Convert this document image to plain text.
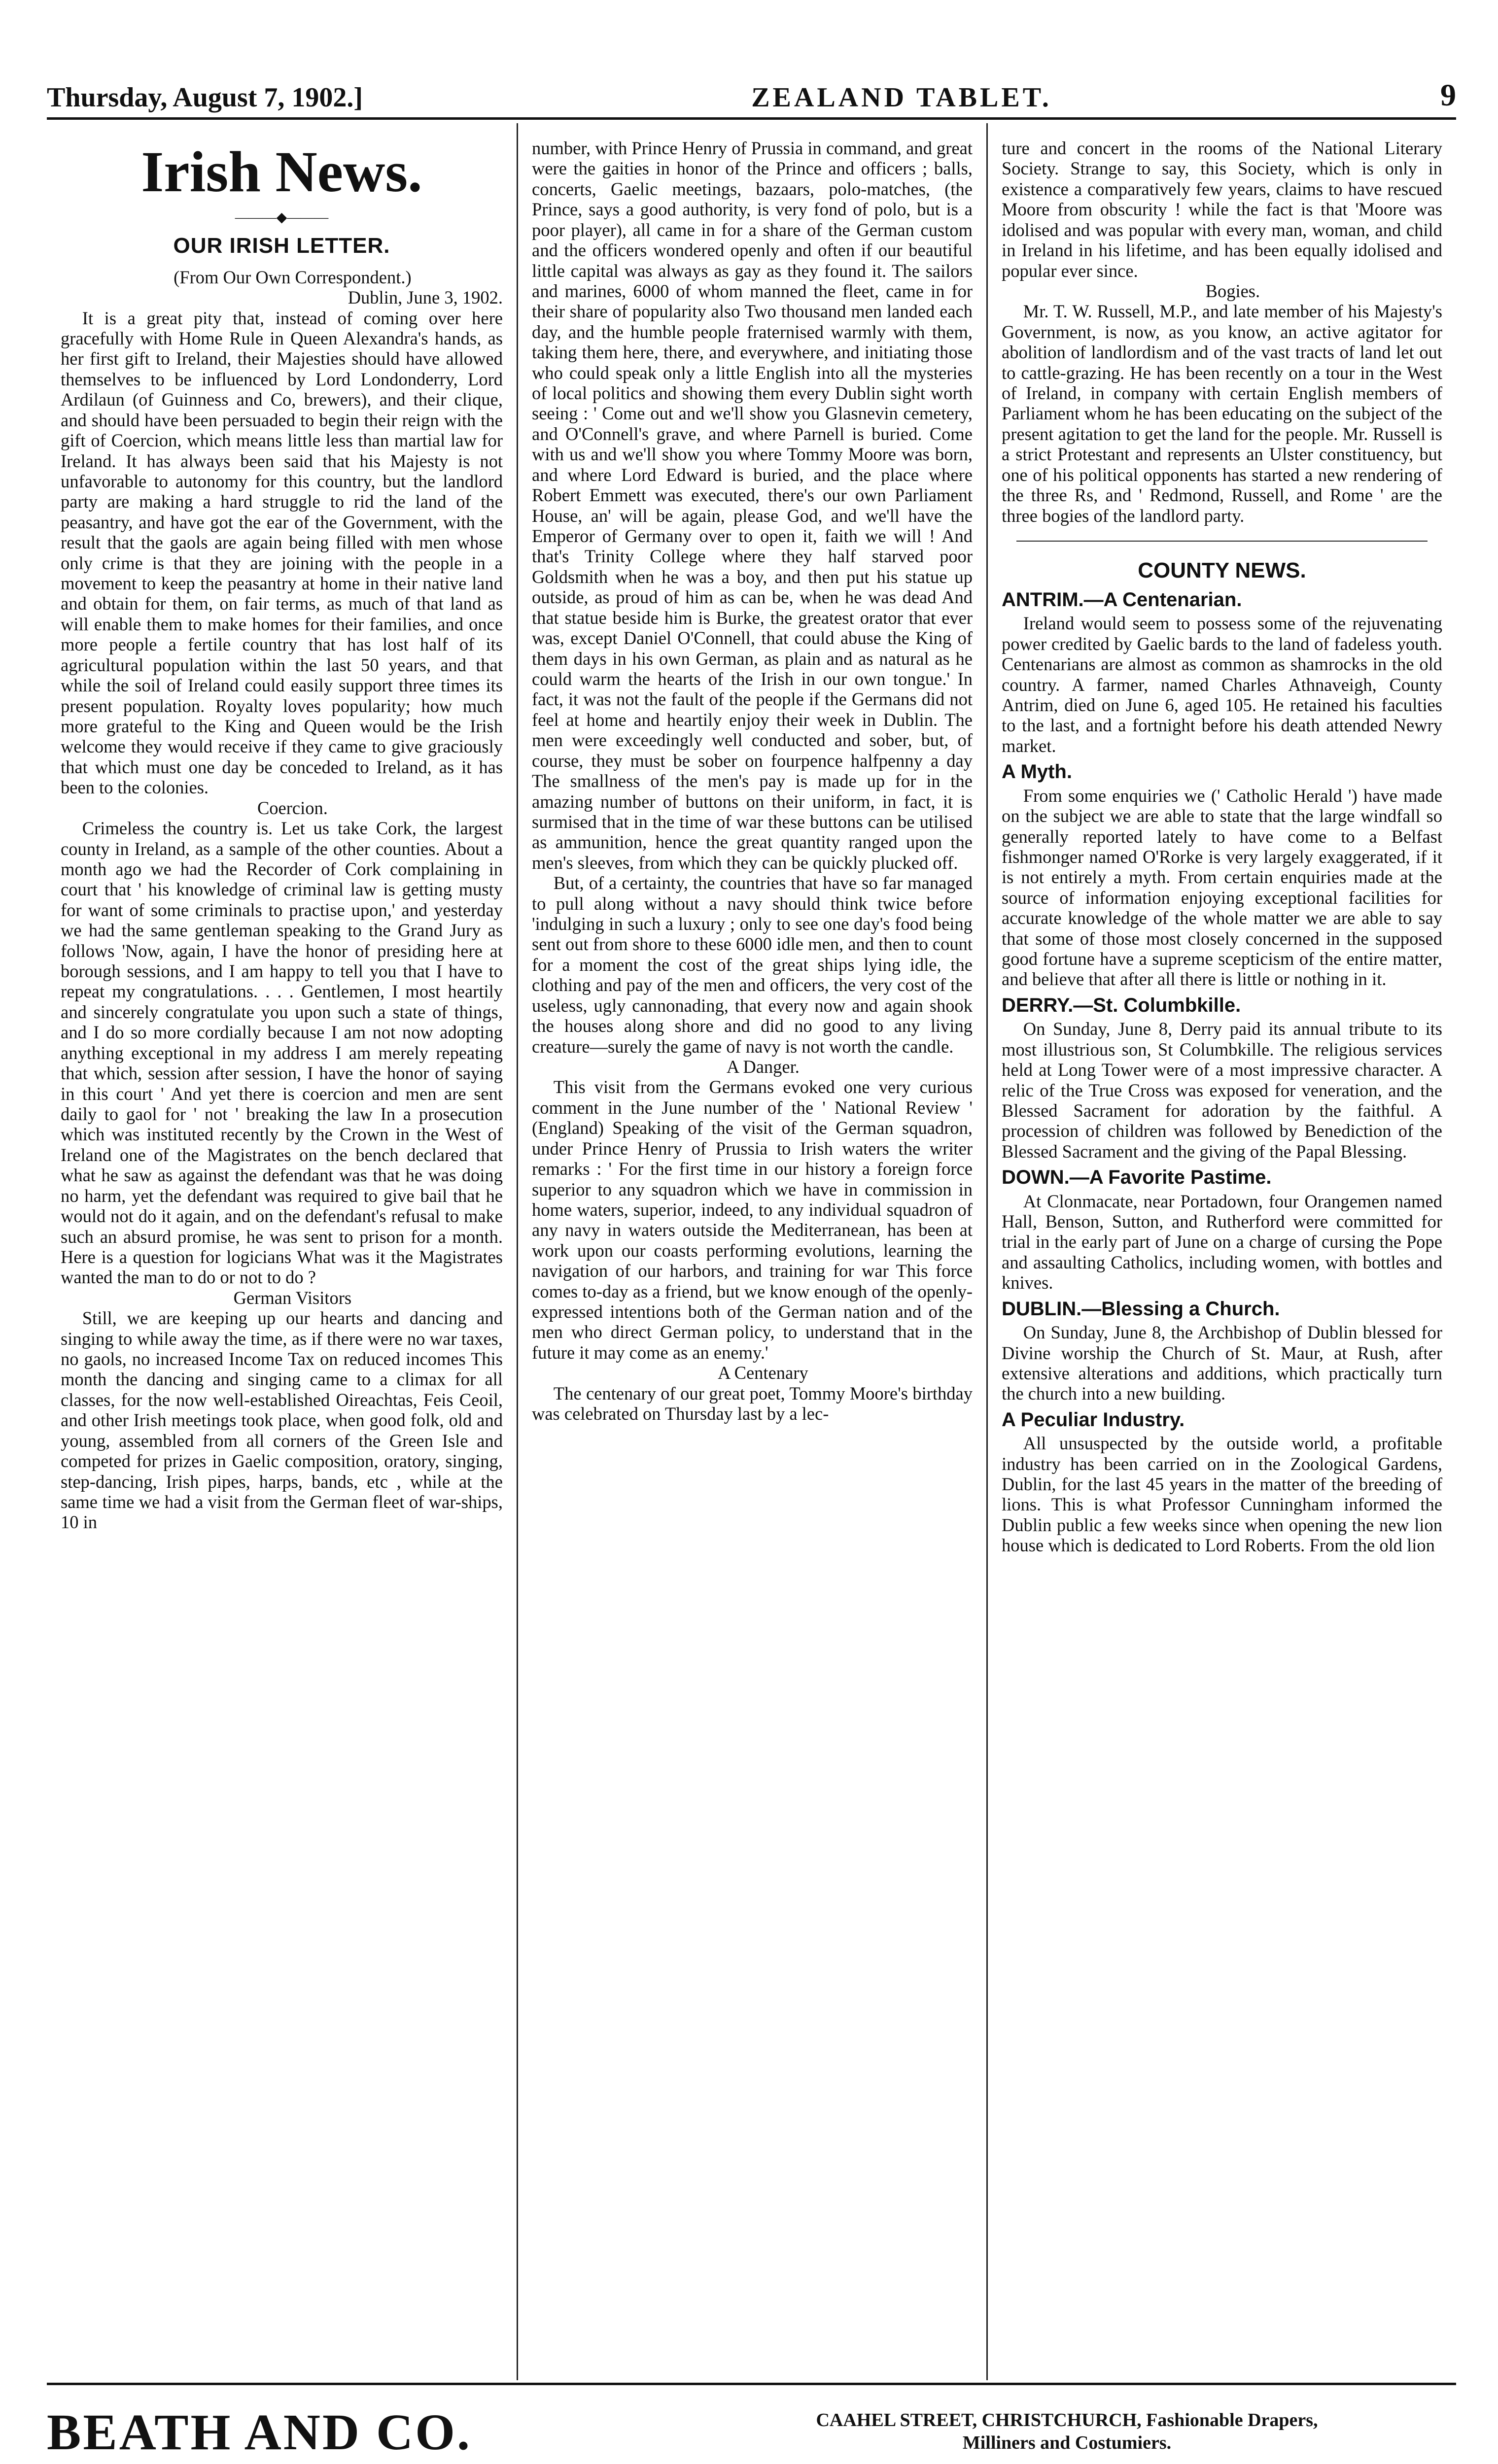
Thursday, August 7, 1902.]	ZEALAND TABLET.	9
Irish News.
———◆———
OUR IRISH LETTER.

(From Our Own Correspondent.)

Dublin, June 3, 1902.

It is a great pity that, instead of coming over here gracefully with Home Rule in Queen Alexandra's hands, as her first gift to Ireland, their Majesties should have allowed themselves to be influenced by Lord Londonderry, Lord Ardilaun (of Guinness and Co, brewers), and their clique, and should have been persuaded to begin their reign with the gift of Coercion, which means little less than martial law for Ireland. It has always been said that his Majesty is not unfavorable to autonomy for this country, but the landlord party are making a hard struggle to rid the land of the peasantry, and have got the ear of the Government, with the result that the gaols are again being filled with men whose only crime is that they are joining with the people in a movement to keep the peasantry at home in their native land and obtain for them, on fair terms, as much of that land as will enable them to make homes for their families, and once more people a fertile country that has lost half of its agricultural population within the last 50 years, and that while the soil of Ireland could easily support three times its present population. Royalty loves popularity; how much more grateful to the King and Queen would be the Irish welcome they would receive if they came to give graciously that which must one day be conceded to Ireland, as it has been to the colonies.

Coercion.

Crimeless the country is. Let us take Cork, the largest county in Ireland, as a sample of the other counties. About a month ago we had the Recorder of Cork complaining in court that ' his knowledge of criminal law is getting musty for want of some criminals to practise upon,' and yesterday we had the same gentleman speaking to the Grand Jury as follows 'Now, again, I have the honor of presiding here at borough sessions, and I am happy to tell you that I have to repeat my congratulations. . . . Gentlemen, I most heartily and sincerely congratulate you upon such a state of things, and I do so more cordially because I am not now adopting anything exceptional in my address I am merely repeating that which, session after session, I have the honor of saying in this court ' And yet there is coercion and men are sent daily to gaol for ' not ' breaking the law In a prosecution which was instituted recently by the Crown in the West of Ireland one of the Magistrates on the bench declared that what he saw as against the defendant was that he was doing no harm, yet the defendant was required to give bail that he would not do it again, and on the defendant's refusal to make such an absurd promise, he was sent to prison for a month. Here is a question for logicians What was it the Magistrates wanted the man to do or not to do ?

German Visitors

Still, we are keeping up our hearts and dancing and singing to while away the time, as if there were no war taxes, no gaols, no increased Income Tax on reduced incomes This month the dancing and singing came to a climax for all classes, for the now well-established Oireachtas, Feis Ceoil, and other Irish meetings took place, when good folk, old and young, assembled from all corners of the Green Isle and competed for prizes in Gaelic composition, oratory, singing, step-dancing, Irish pipes, harps, bands, etc , while at the same time we had a visit from the German fleet of war-ships, 10 in

number, with Prince Henry of Prussia in command, and great were the gaities in honor of the Prince and officers ; balls, concerts, Gaelic meetings, bazaars, polo-matches, (the Prince, says a good authority, is very fond of polo, but is a poor player), all came in for a share of the German custom and the officers wondered openly and often if our beautiful little capital was always as gay as they found it. The sailors and marines, 6000 of whom manned the fleet, came in for their share of popularity also Two thousand men landed each day, and the humble people fraternised warmly with them, taking them here, there, and everywhere, and initiating those who could speak only a little English into all the mysteries of local politics and showing them every Dublin sight worth seeing : ' Come out and we'll show you Glasnevin cemetery, and O'Connell's grave, and where Parnell is buried. Come with us and we'll show you where Tommy Moore was born, and where Lord Edward is buried, and the place where Robert Emmett was executed, there's our own Parliament House, an' will be again, please God, and we'll have the Emperor of Germany over to open it, faith we will ! And that's Trinity College where they half starved poor Goldsmith when he was a boy, and then put his statue up outside, as proud of him as can be, when he was dead And that statue beside him is Burke, the greatest orator that ever was, except Daniel O'Connell, that could abuse the King of them days in his own German, as plain and as natural as he could warm the hearts of the Irish in our own tongue.' In fact, it was not the fault of the people if the Germans did not feel at home and heartily enjoy their week in Dublin. The men were exceedingly well conducted and sober, but, of course, they must be sober on fourpence halfpenny a day The smallness of the men's pay is made up for in the amazing number of buttons on their uniform, in fact, it is surmised that in the time of war these buttons can be utilised as ammunition, hence the great quantity ranged upon the men's sleeves, from which they can be quickly plucked off.

But, of a certainty, the countries that have so far managed to pull along without a navy should think twice before 'indulging in such a luxury ; only to see one day's food being sent out from shore to these 6000 idle men, and then to count for a moment the cost of the great ships lying idle, the clothing and pay of the men and officers, the very cost of the useless, ugly cannonading, that every now and again shook the houses along shore and did no good to any living creature—surely the game of navy is not worth the candle.

A Danger.

This visit from the Germans evoked one very curious comment in the June number of the ' National Review ' (England) Speaking of the visit of the German squadron, under Prince Henry of Prussia to Irish waters the writer remarks : ' For the first time in our history a foreign force superior to any squadron which we have in commission in home waters, superior, indeed, to any individual squadron of any navy in waters outside the Mediterranean, has been at work upon our coasts performing evolutions, learning the navigation of our harbors, and training for war This force comes to-day as a friend, but we know enough of the openly-expressed intentions both of the German nation and of the men who direct German policy, to understand that in the future it may come as an enemy.'

A Centenary

The centenary of our great poet, Tommy Moore's birthday was celebrated on Thursday last by a lec-

ture and concert in the rooms of the National Literary Society. Strange to say, this Society, which is only in existence a comparatively few years, claims to have rescued Moore from obscurity ! while the fact is that 'Moore was idolised and was popular with every man, woman, and child in Ireland in his lifetime, and has been equally idolised and popular ever since.

Bogies.

Mr. T. W. Russell, M.P., and late member of his Majesty's Government, is now, as you know, an active agitator for abolition of landlordism and of the vast tracts of land let out to cattle-grazing. He has been recently on a tour in the West of Ireland, in company with certain English members of Parliament whom he has been educating on the subject of the present agitation to get the land for the people. Mr. Russell is a strict Protestant and represents an Ulster constituency, but one of his political opponents has started a new rendering of the three Rs, and ' Redmond, Russell, and Rome ' are the three bogies of the landlord party.

COUNTY NEWS.
ANTRIM.—A Centenarian.

Ireland would seem to possess some of the rejuvenating power credited by Gaelic bards to the land of fadeless youth. Centenarians are almost as common as shamrocks in the old country. A farmer, named Charles Athnaveigh, County Antrim, died on June 6, aged 105. He retained his faculties to the last, and a fortnight before his death attended Newry market.

A Myth.

From some enquiries we (' Catholic Herald ') have made on the subject we are able to state that the large windfall so generally reported lately to have come to a Belfast fishmonger named O'Rorke is very largely exaggerated, if it is not entirely a myth. From certain enquiries made at the source of information enjoying exceptional facilities for accurate knowledge of the whole matter we are able to say that some of those most closely concerned in the supposed good fortune have a supreme scepticism of the entire matter, and believe that after all there is little or nothing in it.

DERRY.—St. Columbkille.

On Sunday, June 8, Derry paid its annual tribute to its most illustrious son, St Columbkille. The religious services held at Long Tower were of a most impressive character. A relic of the True Cross was exposed for veneration, and the Blessed Sacrament for adoration by the faithful. A procession of children was followed by Benediction of the Blessed Sacrament and the giving of the Papal Blessing.

DOWN.—A Favorite Pastime.

At Clonmacate, near Portadown, four Orangemen named Hall, Benson, Sutton, and Rutherford were committed for trial in the early part of June on a charge of cursing the Pope and assaulting Catholics, including women, with bottles and knives.

DUBLIN.—Blessing a Church.

On Sunday, June 8, the Archbishop of Dublin blessed for Divine worship the Church of St. Maur, at Rush, after extensive alterations and additions, which practically turn the church into a new building.

A Peculiar Industry.

All unsuspected by the outside world, a profitable industry has been carried on in the Zoological Gardens, Dublin, for the last 45 years in the matter of the breeding of lions. This is what Professor Cunningham informed the Dublin public a few weeks since when opening the new lion house which is dedicated to Lord Roberts. From the old lion

BEATH AND CO.	CAAHEL STREET, CHRISTCHURCH, Fashionable Drapers,
Milliners and Costumiers.
